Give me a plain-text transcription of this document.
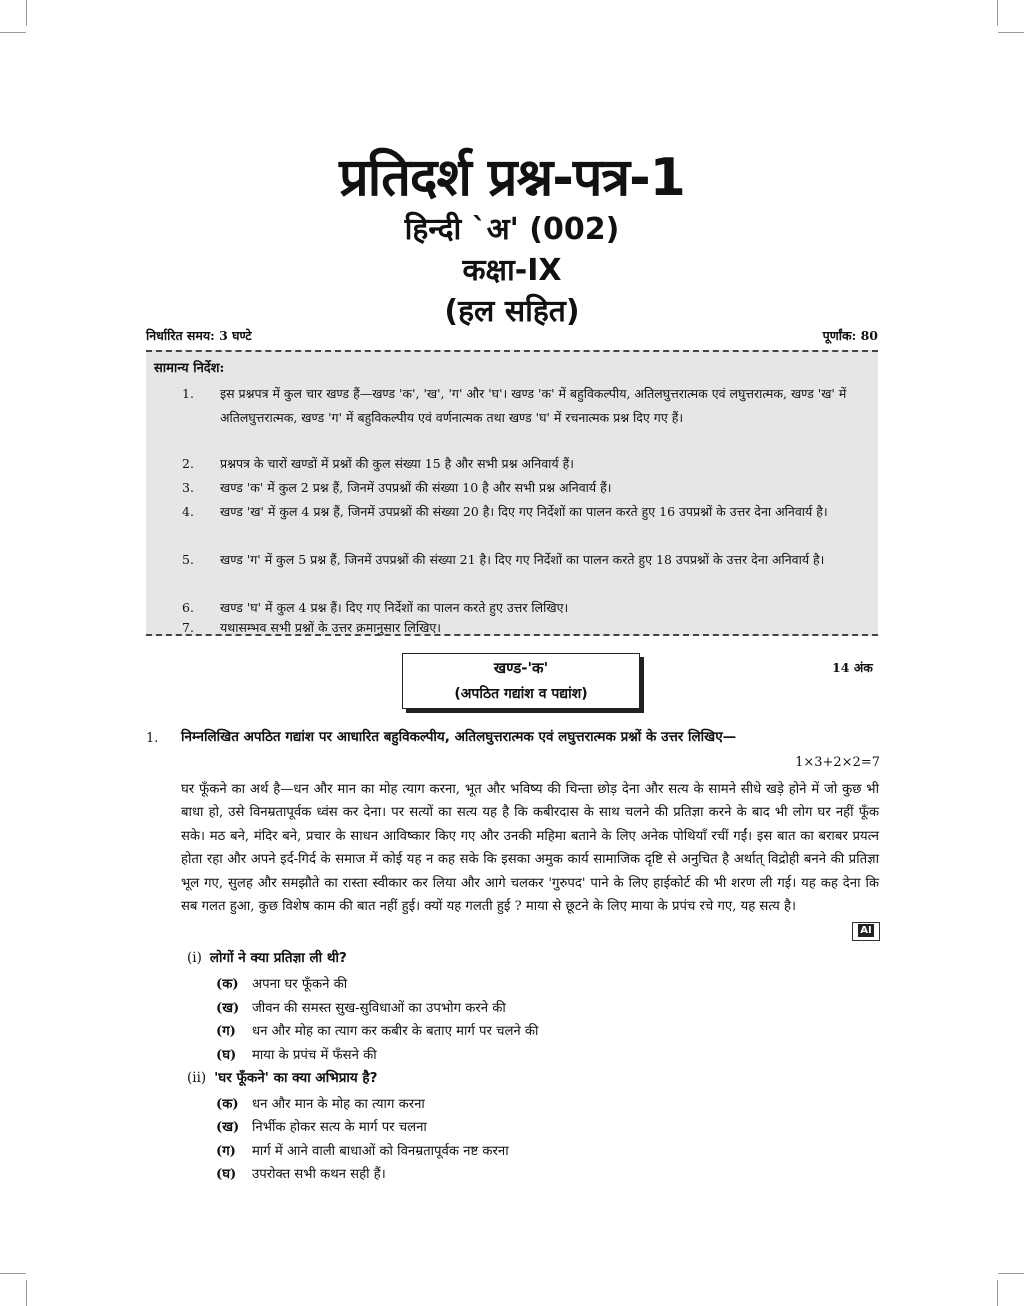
प्रतिदर्श प्रश्न-पत्र-1
हिन्दी `अ' (002)
कक्षा-IX
(हल सहित)
निर्धारित समय: 3 घण्टे	पूर्णांक: 80
सामान्य निर्देश:
1. इस प्रश्नपत्र में कुल चार खण्ड हैं—खण्ड 'क', 'ख', 'ग' और 'घ'। खण्ड 'क' में बहुविकल्पीय, अतिलघुत्तरात्मक एवं लघुत्तरात्मक, खण्ड 'ख' में अतिलघुत्तरात्मक, खण्ड 'ग' में बहुविकल्पीय एवं वर्णनात्मक तथा खण्ड 'घ' में रचनात्मक प्रश्न दिए गए हैं।
2. प्रश्नपत्र के चारों खण्डों में प्रश्नों की कुल संख्या 15 है और सभी प्रश्न अनिवार्य हैं।
3. खण्ड 'क' में कुल 2 प्रश्न हैं, जिनमें उपप्रश्नों की संख्या 10 है और सभी प्रश्न अनिवार्य हैं।
4. खण्ड 'ख' में कुल 4 प्रश्न हैं, जिनमें उपप्रश्नों की संख्या 20 है। दिए गए निर्देशों का पालन करते हुए 16 उपप्रश्नों के उत्तर देना अनिवार्य है।
5. खण्ड 'ग' में कुल 5 प्रश्न हैं, जिनमें उपप्रश्नों की संख्या 21 है। दिए गए निर्देशों का पालन करते हुए 18 उपप्रश्नों के उत्तर देना अनिवार्य है।
6. खण्ड 'घ' में कुल 4 प्रश्न हैं। दिए गए निर्देशों का पालन करते हुए उत्तर लिखिए।
7. यथासम्भव सभी प्रश्नों के उत्तर क्रमानुसार लिखिए।
खण्ड-'क'
(अपठित गद्यांश व पद्यांश)
14 अंक
1. निम्नलिखित अपठित गद्यांश पर आधारित बहुविकल्पीय, अतिलघुत्तरात्मक एवं लघुत्तरात्मक प्रश्नों के उत्तर लिखिए—
1×3+2×2=7
घर फूँकने का अर्थ है—धन और मान का मोह त्याग करना, भूत और भविष्य की चिन्ता छोड़ देना और सत्य के सामने सीधे खड़े होने में जो कुछ भी बाधा हो, उसे विनम्रतापूर्वक ध्वंस कर देना। पर सत्यों का सत्य यह है कि कबीरदास के साथ चलने की प्रतिज्ञा करने के बाद भी लोग घर नहीं फूँक सके। मठ बने, मंदिर बने, प्रचार के साधन आविष्कार किए गए और उनकी महिमा बताने के लिए अनेक पोथियाँ रचीं गईं। इस बात का बराबर प्रयत्न होता रहा और अपने इर्द-गिर्द के समाज में कोई यह न कह सके कि इसका अमुक कार्य सामाजिक दृष्टि से अनुचित है अर्थात् विद्रोही बनने की प्रतिज्ञा भूल गए, सुलह और समझौते का रास्ता स्वीकार कर लिया और आगे चलकर 'गुरुपद' पाने के लिए हाईकोर्ट की भी शरण ली गई। यह कह देना कि सब गलत हुआ, कुछ विशेष काम की बात नहीं हुई। क्यों यह गलती हुई ? माया से छूटने के लिए माया के प्रपंच रचे गए, यह सत्य है।
AI
(i) लोगों ने क्या प्रतिज्ञा ली थी?
(क) अपना घर फूँकने की
(ख) जीवन की समस्त सुख-सुविधाओं का उपभोग करने की
(ग) धन और मोह का त्याग कर कबीर के बताए मार्ग पर चलने की
(घ) माया के प्रपंच में फँसने की
(ii) 'घर फूँकने' का क्या अभिप्राय है?
(क) धन और मान के मोह का त्याग करना
(ख) निर्भीक होकर सत्य के मार्ग पर चलना
(ग) मार्ग में आने वाली बाधाओं को विनम्रतापूर्वक नष्ट करना
(घ) उपरोक्त सभी कथन सही हैं।
